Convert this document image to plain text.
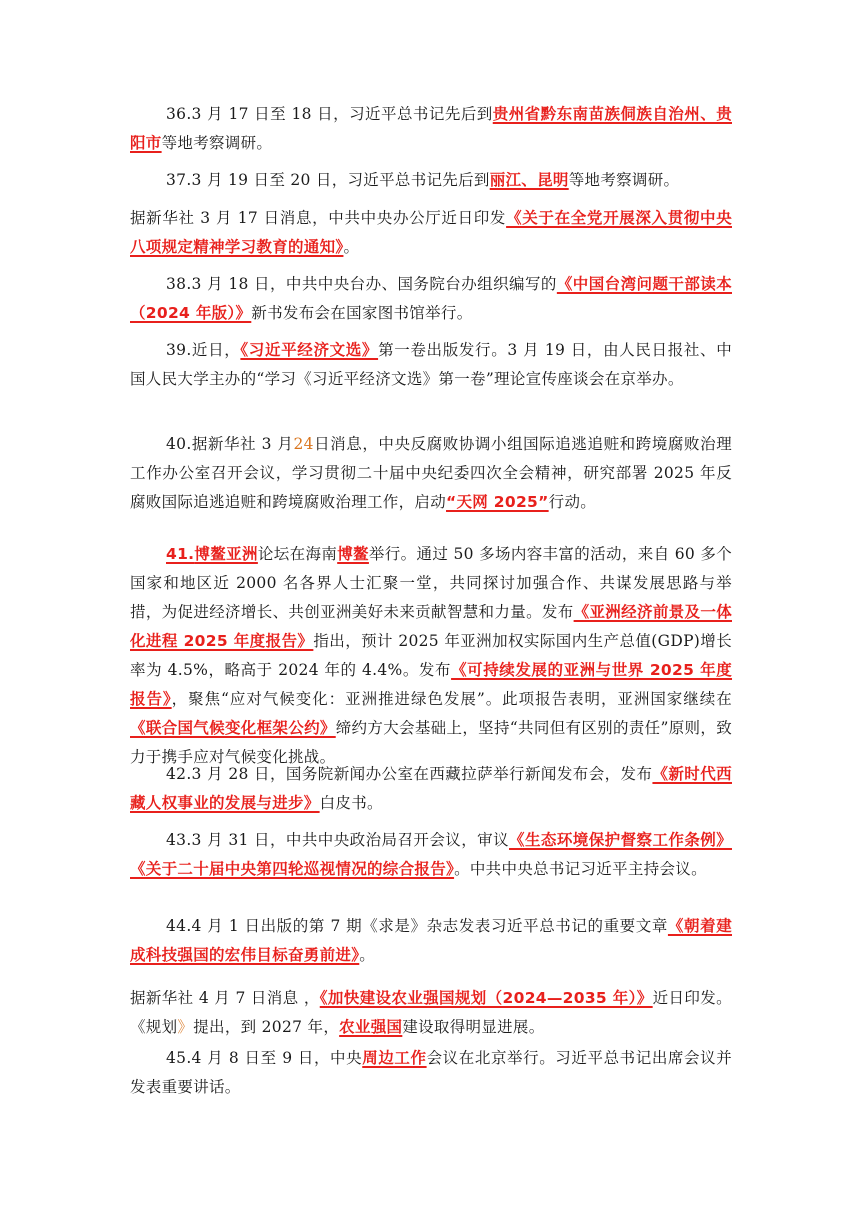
36.3 月 17 日至 18 日，习近平总书记先后到贵州省黔东南苗族侗族自治州、贵阳市等地考察调研。

37.3 月 19 日至 20 日，习近平总书记先后到丽江、昆明等地考察调研。

据新华社 3 月 17 日消息，中共中央办公厅近日印发《关于在全党开展深入贯彻中央八项规定精神学习教育的通知》。

38.3 月 18 日，中共中央台办、国务院台办组织编写的《中国台湾问题干部读本（2024 年版）》新书发布会在国家图书馆举行。

39.近日，《习近平经济文选》第一卷出版发行。3 月 19 日，由人民日报社、中国人民大学主办的“学习《习近平经济文选》第一卷”理论宣传座谈会在京举办。

40.据新华社 3 月24日消息，中央反腐败协调小组国际追逃追赃和跨境腐败治理工作办公室召开会议，学习贯彻二十届中央纪委四次全会精神，研究部署 2025 年反腐败国际追逃追赃和跨境腐败治理工作，启动“天网 2025”行动。

41.博鳌亚洲论坛在海南博鳌举行。通过 50 多场内容丰富的活动，来自 60 多个国家和地区近 2000 名各界人士汇聚一堂，共同探讨加强合作、共谋发展思路与举措，为促进经济增长、共创亚洲美好未来贡献智慧和力量。发布《亚洲经济前景及一体化进程 2025 年度报告》指出，预计 2025 年亚洲加权实际国内生产总值(GDP)增长率为 4.5%，略高于 2024 年的 4.4%。发布《可持续发展的亚洲与世界 2025 年度报告》，聚焦“应对气候变化：亚洲推进绿色发展”。此项报告表明，亚洲国家继续在《联合国气候变化框架公约》缔约方大会基础上，坚持“共同但有区别的责任”原则，致力于携手应对气候变化挑战。

42.3 月 28 日，国务院新闻办公室在西藏拉萨举行新闻发布会，发布《新时代西藏人权事业的发展与进步》白皮书。

43.3 月 31 日，中共中央政治局召开会议，审议《生态环境保护督察工作条例》《关于二十届中央第四轮巡视情况的综合报告》。中共中央总书记习近平主持会议。

44.4 月 1 日出版的第 7 期《求是》杂志发表习近平总书记的重要文章《朝着建成科技强国的宏伟目标奋勇前进》。

据新华社 4 月 7 日消息 ，《加快建设农业强国规划（2024—2035 年）》近日印发。《规划》提出，到 2027 年，农业强国建设取得明显进展。

45.4 月 8 日至 9 日，中央周边工作会议在北京举行。习近平总书记出席会议并发表重要讲话。
